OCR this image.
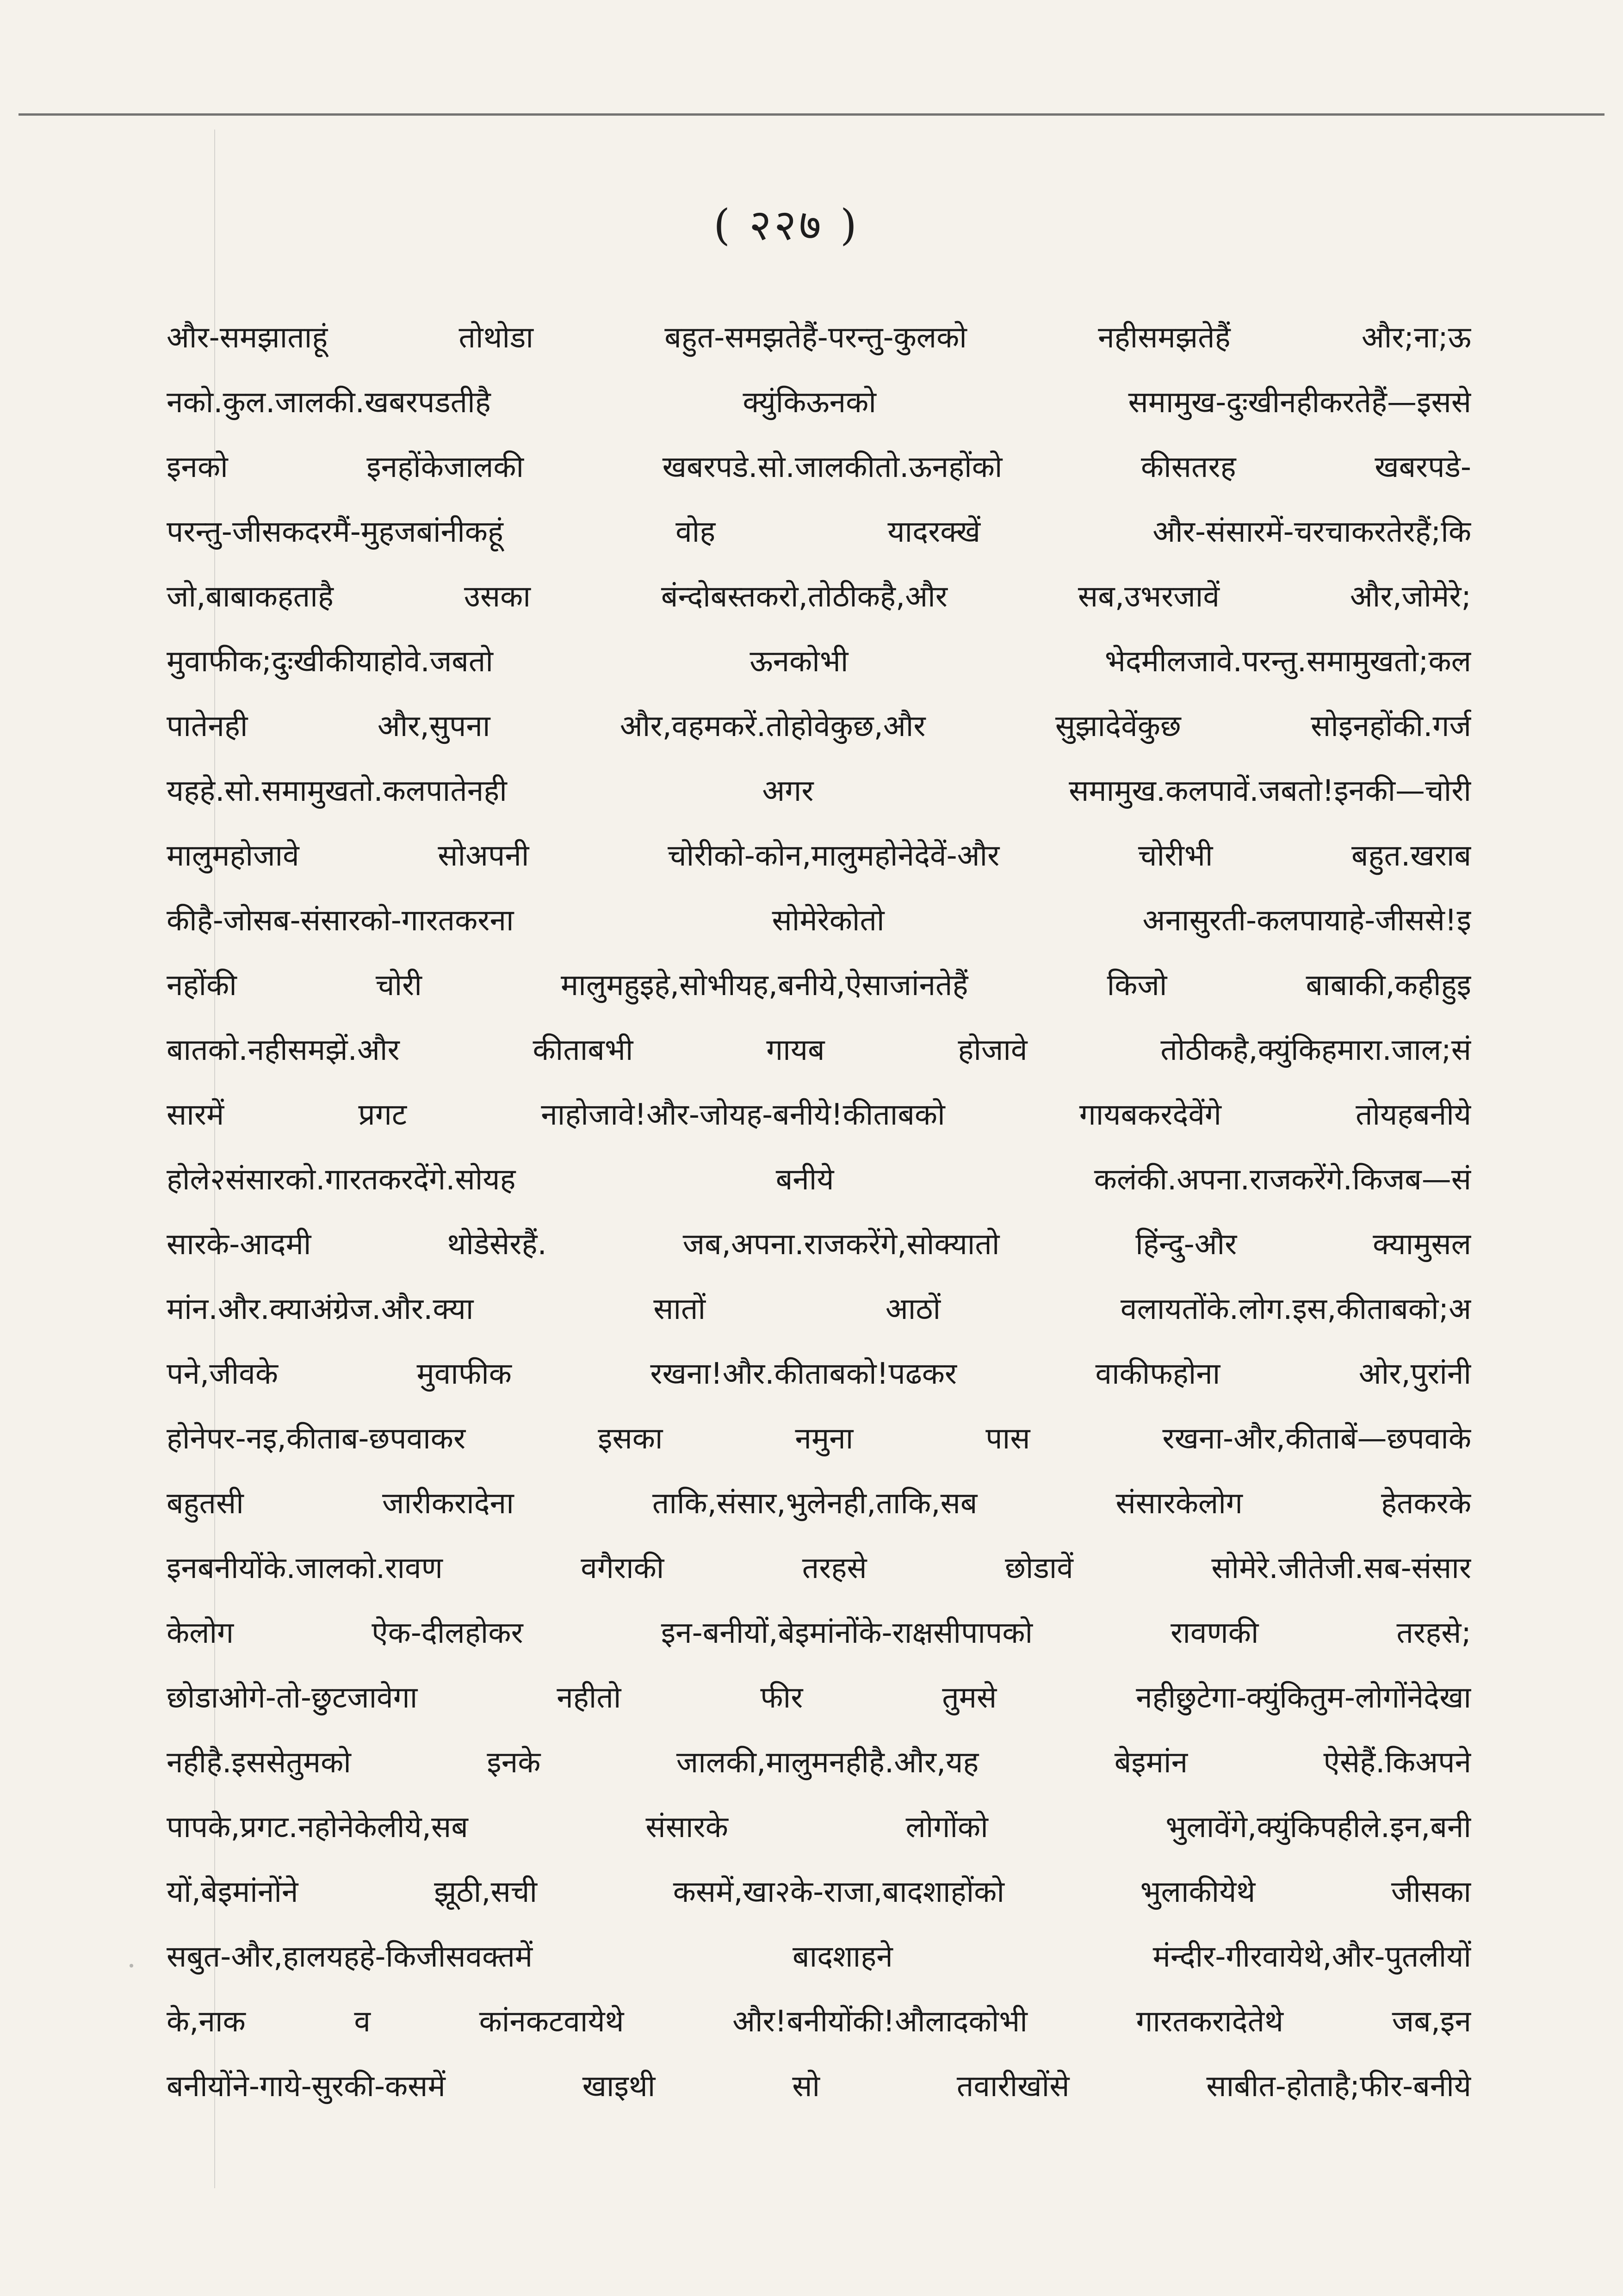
( २२७ )
और-समझाताहूं तोथोडा बहुत-समझतेहैं-परन्तु-कुलको नहीसमझतेहैं और;ना;ऊ
नको.कुल.जालकी.खबरपडतीहै क्युंकिऊनको समामुख-दुःखीनहीकरतेहैं—इससे
इनको इनहोंकेजालकी खबरपडे.सो.जालकीतो.ऊनहोंको कीसतरह खबरपडे-
परन्तु-जीसकदरमैं-मुहजबांनीकहूं वोह यादरक्खें और-संसारमें-चरचाकरतेरहैं;कि
जो,बाबाकहताहै उसका बंन्दोबस्तकरो,तोठीकहै,और सब,उभरजावें और,जोमेरे;
मुवाफीक;दुःखीकीयाहोवे.जबतो ऊनकोभी भेदमीलजावे.परन्तु.समामुखतो;कल
पातेनही और,सुपना और,वहमकरें.तोहोवेकुछ,और सुझादेवेंकुछ सोइनहोंकी.गर्ज
यहहे.सो.समामुखतो.कलपातेनही अगर समामुख.कलपावें.जबतो!इनकी—चोरी
मालुमहोजावे सोअपनी चोरीको-कोन,मालुमहोनेदेवें-और चोरीभी बहुत.खराब
कीहै-जोसब-संसारको-गारतकरना सोमेरेकोतो अनासुरती-कलपायाहे-जीससे!इ
नहोंकी चोरी मालुमहुइहे,सोभीयह,बनीये,ऐसाजांनतेहैं किजो बाबाकी,कहीहुइ
बातको.नहीसमझें.और कीताबभी गायब होजावे तोठीकहै,क्युंकिहमारा.जाल;सं
सारमें प्रगट नाहोजावे!और-जोयह-बनीये!कीताबको गायबकरदेवेंगे तोयहबनीये
होले२संसारको.गारतकरदेंगे.सोयह बनीये कलंकी.अपना.राजकरेंगे.किजब—सं
सारके-आदमी थोडेसेरहैं. जब,अपना.राजकरेंगे,सोक्यातो हिंन्दु-और क्यामुसल
मांन.और.क्याअंग्रेज.और.क्या सातों आठों वलायतोंके.लोग.इस,कीताबको;अ
पने,जीवके मुवाफीक रखना!और.कीताबको!पढकर वाकीफहोना ओर,पुरांनी
होनेपर-नइ,कीताब-छपवाकर इसका नमुना पास रखना-और,कीताबें—छपवाके
बहुतसी जारीकरादेना ताकि,संसार,भुलेनही,ताकि,सब संसारकेलोग हेतकरके
इनबनीयोंके.जालको.रावण वगैराकी तरहसे छोडावें सोमेरे.जीतेजी.सब-संसार
केलोग ऐक-दीलहोकर इन-बनीयों,बेइमांनोंके-राक्षसीपापको रावणकी तरहसे;
छोडाओगे-तो-छुटजावेगा नहीतो फीर तुमसे नहीछुटेगा-क्युंकितुम-लोगोंनेदेखा
नहीहै.इससेतुमको इनके जालकी,मालुमनहीहै.और,यह बेइमांन ऐसेहैं.किअपने
पापके,प्रगट.नहोनेकेलीये,सब संसारके लोगोंको भुलावेंगे,क्युंकिपहीले.इन,बनी
यों,बेइमांनोंने झूठी,सची कसमें,खा२के-राजा,बादशाहोंको भुलाकीयेथे जीसका
सबुत-और,हालयहहे-किजीसवक्तमें बादशाहने मंन्दीर-गीरवायेथे,और-पुतलीयों
के,नाक व कांनकटवायेथे और!बनीयोंकी!औलादकोभी गारतकरादेतेथे जब,इन
बनीयोंने-गाये-सुरकी-कसमें खाइथी सो तवारीखोंसे साबीत-होताहै;फीर-बनीये
